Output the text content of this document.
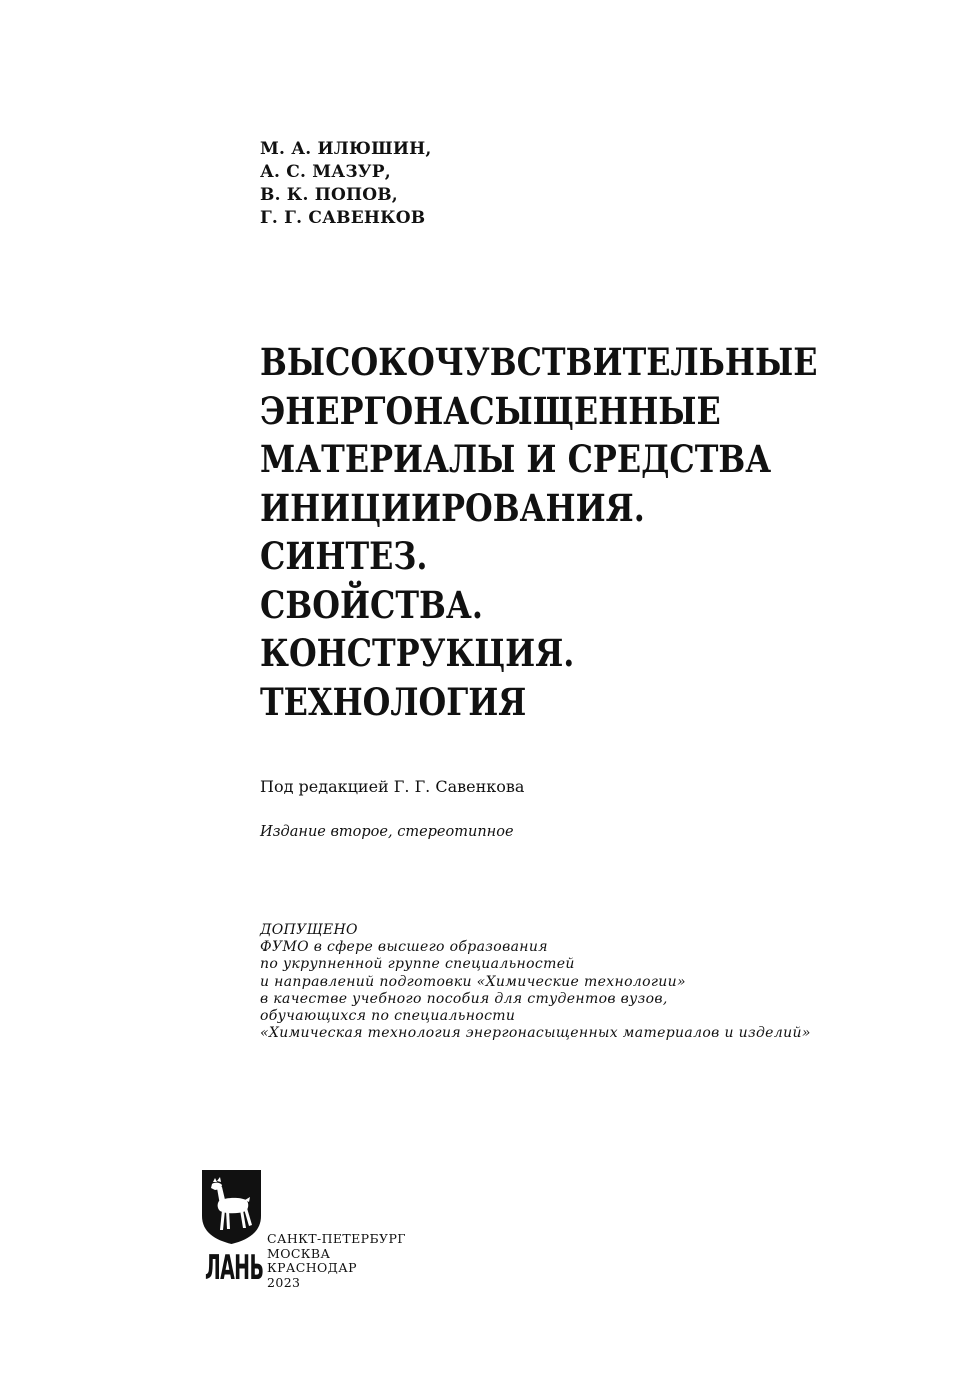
М. А. ИЛЮШИН,
А. С. МАЗУР,
В. К. ПОПОВ,
Г. Г. САВЕНКОВ
ВЫСОКОЧУВСТВИТЕЛЬНЫЕ
ЭНЕРГОНАСЫЩЕННЫЕ
МАТЕРИАЛЫ И СРЕДСТВА
ИНИЦИИРОВАНИЯ.
СИНТЕЗ.
СВОЙСТВА.
КОНСТРУКЦИЯ.
ТЕХНОЛОГИЯ
Под редакцией Г. Г. Савенкова
Издание второе, стереотипное
ДОПУЩЕНО
ФУМО в сфере высшего образования
по укрупненной группе специальностей
и направлений подготовки «Химические технологии»
в качестве учебного пособия для студентов вузов,
обучающихся по специальности
«Химическая технология энергонасыщенных материалов и изделий»
ЛАНЬ
САНКТ-ПЕТЕРБУРГ
МОСКВА
КРАСНОДАР
2023
